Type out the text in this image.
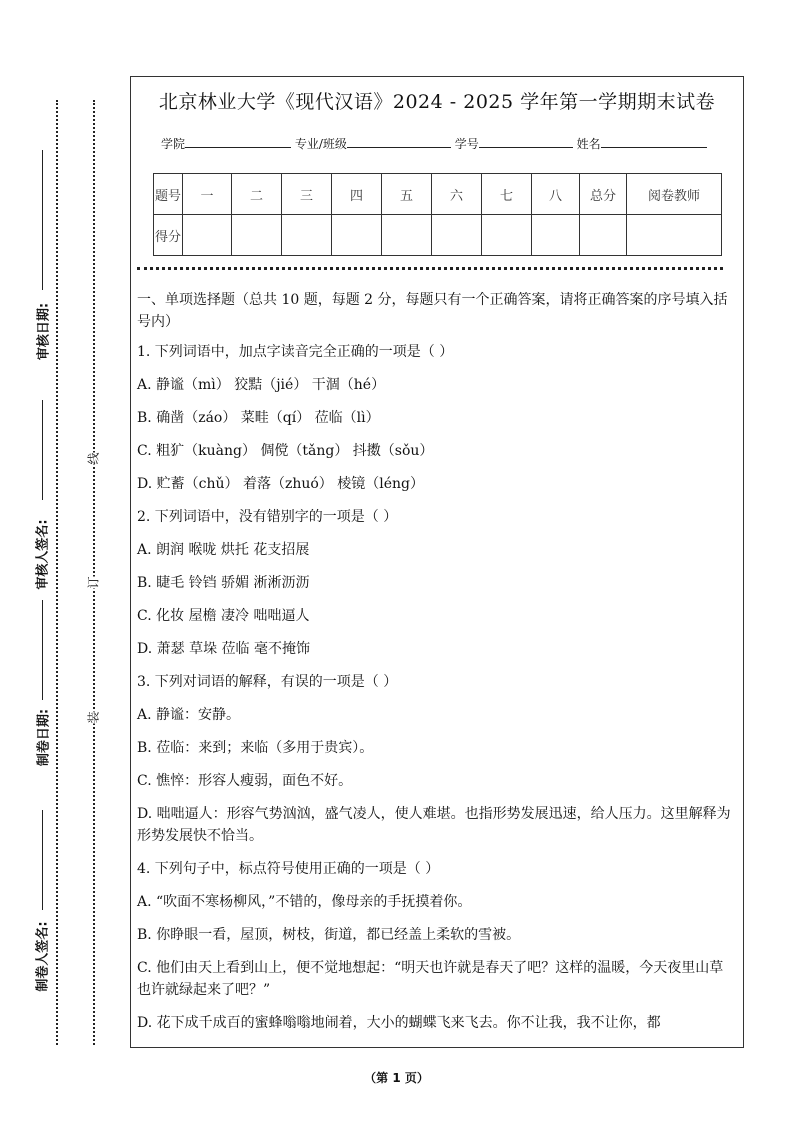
审核日期:
审核人签名:
制卷日期:
制卷人签名:
线
订
装
北京林业大学《现代汉语》2024 - 2025 学年第一学期期末试卷
学院	专业/班级	学号	姓名
题号	一	二	三	四	五	六	七	八	总分	阅卷教师
得分										

一、单项选择题（总共 10 题，每题 2 分，每题只有一个正确答案，请将正确答案的序号填入括号内）

1. 下列词语中，加点字读音完全正确的一项是（ ）

A. 静谧（mì） 狡黠（jié） 干涸（hé）

B. 确凿（záo） 菜畦（qí） 莅临（lì）

C. 粗犷（kuàng） 倜傥（tǎng） 抖擞（sǒu）

D. 贮蓄（chǔ） 着落（zhuó） 棱镜（léng）

2. 下列词语中，没有错别字的一项是（ ）

A. 朗润 喉咙 烘托 花支招展

B. 睫毛 铃铛 骄媚 淅淅沥沥

C. 化妆 屋檐 凄冷 咄咄逼人

D. 萧瑟 草垛 莅临 毫不掩饰

3. 下列对词语的解释，有误的一项是（ ）

A. 静谧：安静。

B. 莅临：来到；来临（多用于贵宾）。

C. 憔悴：形容人瘦弱，面色不好。

D. 咄咄逼人：形容气势汹汹，盛气凌人，使人难堪。也指形势发展迅速，给人压力。这里解释为形势发展快不恰当。

4. 下列句子中，标点符号使用正确的一项是（ ）

A. “吹面不寒杨柳风，”不错的，像母亲的手抚摸着你。

B. 你睁眼一看，屋顶，树枝，街道，都已经盖上柔软的雪被。

C. 他们由天上看到山上，便不觉地想起：“明天也许就是春天了吧？这样的温暖，今天夜里山草也许就绿起来了吧？”

D. 花下成千成百的蜜蜂嗡嗡地闹着，大小的蝴蝶飞来飞去。你不让我，我不让你，都

（第 1 页）
